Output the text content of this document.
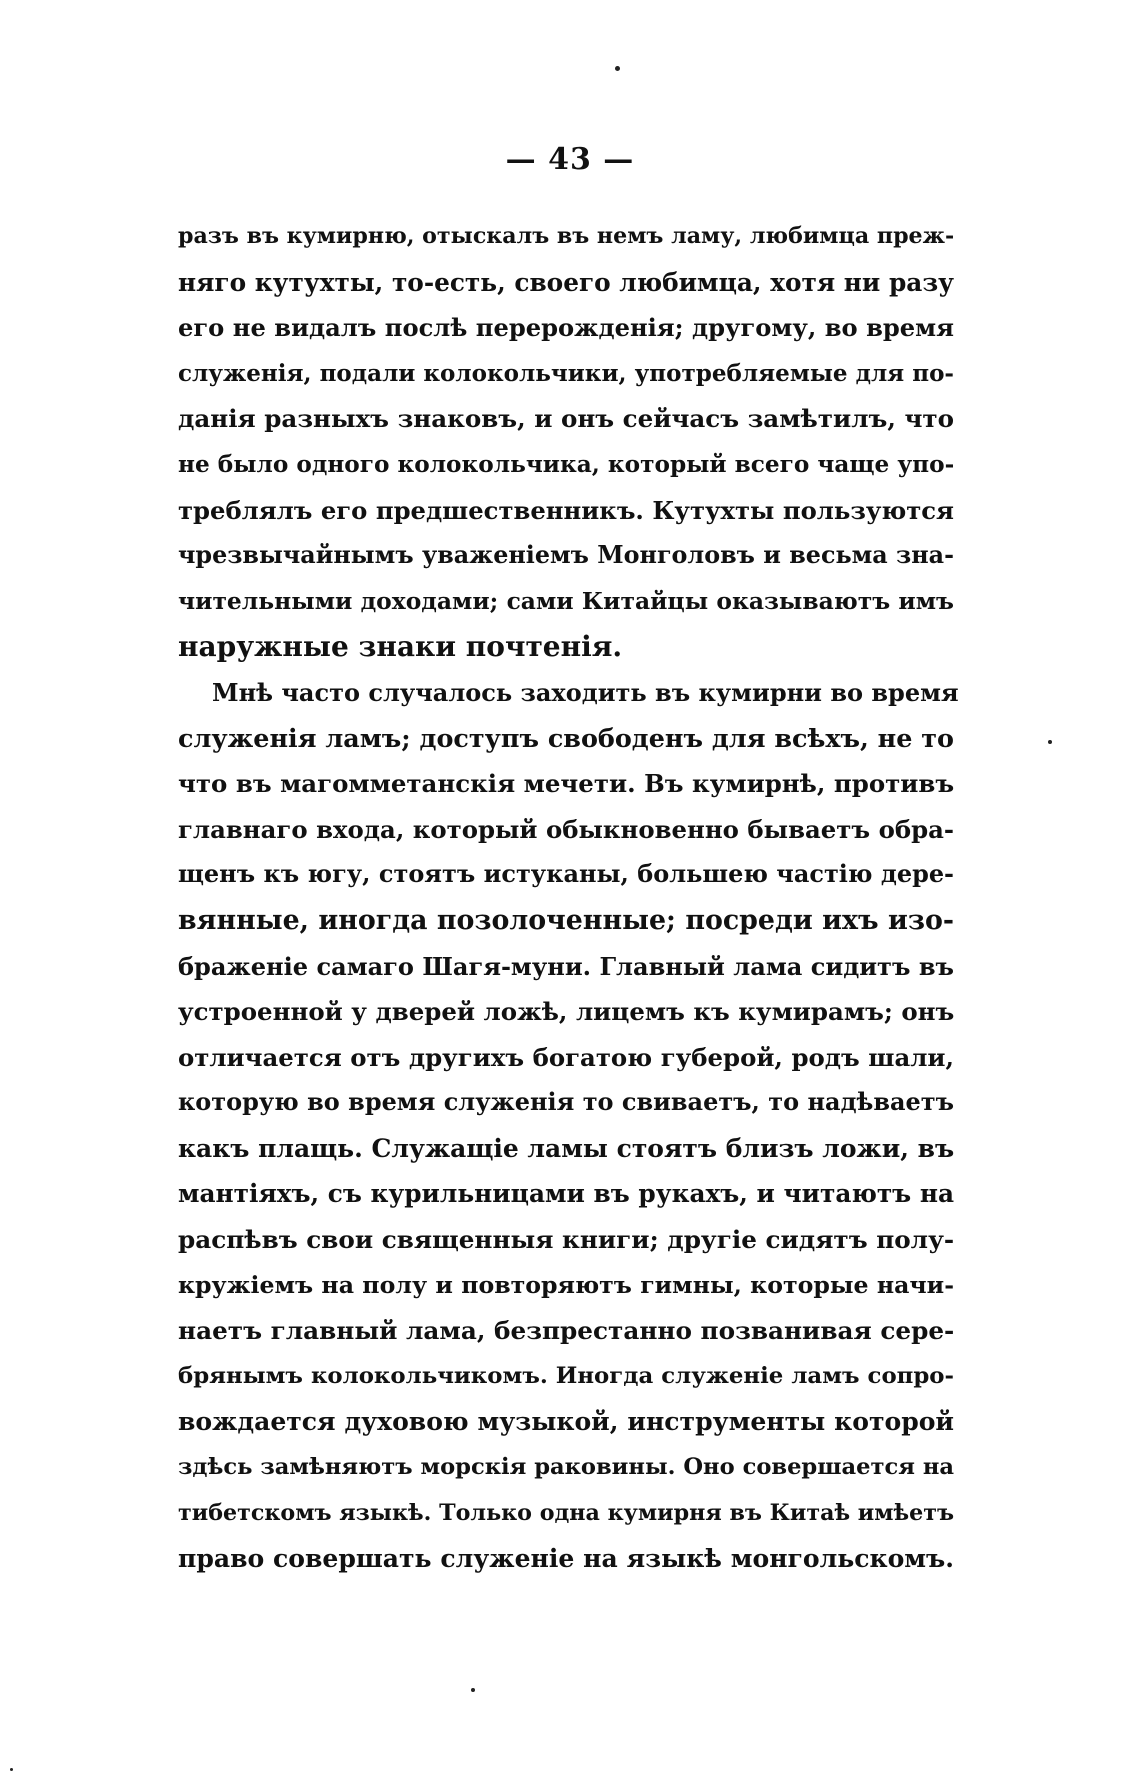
— 43 —
разъ въ кумирню, отыскалъ въ немъ ламу, любимца преж-
няго кутухты, то-есть, своего любимца, хотя ни разу
его не видалъ послѣ перерожденія; другому, во время
служенія, подали колокольчики, употребляемые для по-
данія разныхъ знаковъ, и онъ сейчасъ замѣтилъ, что
не было одного колокольчика, который всего чаще упо-
треблялъ его предшественникъ. Кутухты пользуются
чрезвычайнымъ уваженіемъ Монголовъ и весьма зна-
чительными доходами; сами Китайцы оказываютъ имъ
наружные знаки почтенія.
Мнѣ часто случалось заходить въ кумирни во время
служенія ламъ; доступъ свободенъ для всѣхъ, не то
что въ магомметанскія мечети. Въ кумирнѣ, противъ
главнаго входа, который обыкновенно бываетъ обра-
щенъ къ югу, стоятъ истуканы, большею частію дере-
вянные, иногда позолоченные; посреди ихъ изо-
браженіе самаго Шагя-муни. Главный лама сидитъ въ
устроенной у дверей ложѣ, лицемъ къ кумирамъ; онъ
отличается отъ другихъ богатою губерой, родъ шали,
которую во время служенія то свиваетъ, то надѣваетъ
какъ плащь. Служащіе ламы стоятъ близъ ложи, въ
мантіяхъ, съ курильницами въ рукахъ, и читаютъ на
распѣвъ свои священныя книги; другіе сидятъ полу-
кружіемъ на полу и повторяютъ гимны, которые начи-
наетъ главный лама, безпрестанно позванивая сере-
брянымъ колокольчикомъ. Иногда служеніе ламъ сопро-
вождается духовою музыкой, инструменты которой
здѣсь замѣняютъ морскія раковины. Оно совершается на
тибетскомъ языкѣ. Только одна кумирня въ Китаѣ имѣетъ
право совершать служеніе на языкѣ монгольскомъ.
